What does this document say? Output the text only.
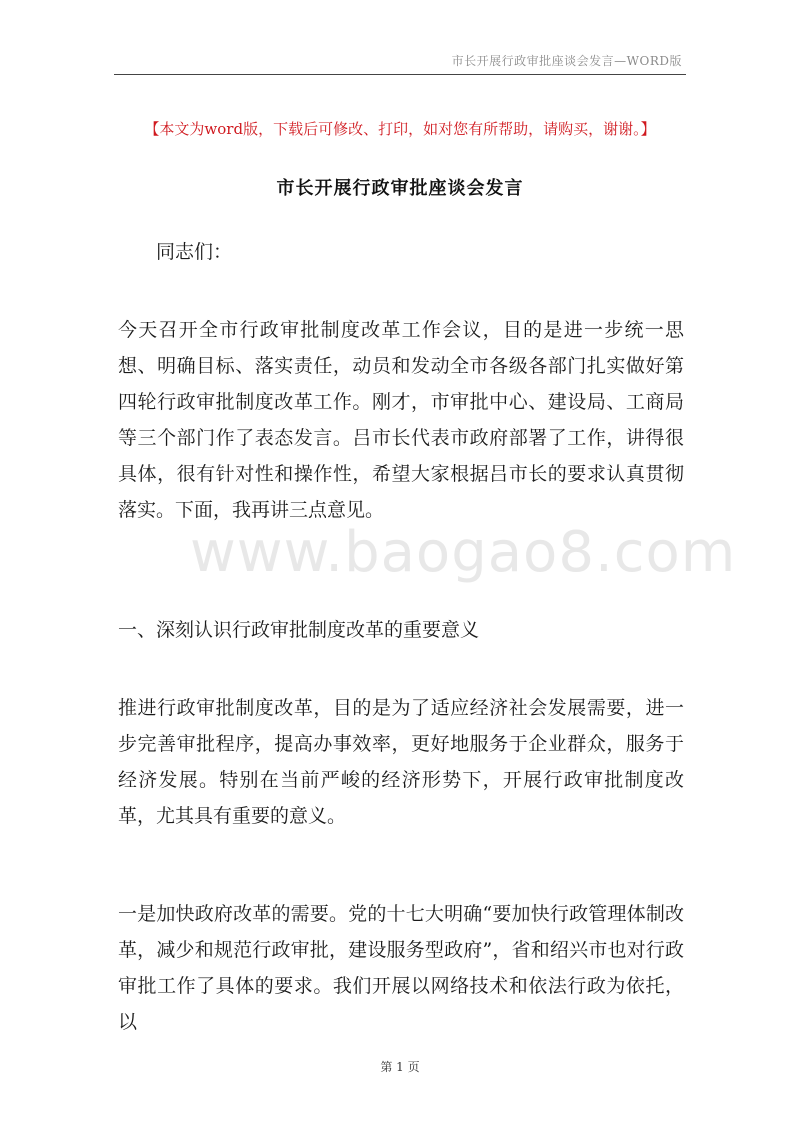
市长开展行政审批座谈会发言—WORD版
【本文为word版，下载后可修改、打印，如对您有所帮助，请购买，谢谢。】
市长开展行政审批座谈会发言

同志们：

今天召开全市行政审批制度改革工作会议，目的是进一步统一思想、明确目标、落实责任，动员和发动全市各级各部门扎实做好第四轮行政审批制度改革工作。刚才，市审批中心、建设局、工商局等三个部门作了表态发言。吕市长代表市政府部署了工作，讲得很具体，很有针对性和操作性，希望大家根据吕市长的要求认真贯彻落实。下面，我再讲三点意见。

一、深刻认识行政审批制度改革的重要意义

推进行政审批制度改革，目的是为了适应经济社会发展需要，进一步完善审批程序，提高办事效率，更好地服务于企业群众，服务于经济发展。特别在当前严峻的经济形势下，开展行政审批制度改革，尤其具有重要的意义。

一是加快政府改革的需要。党的十七大明确“要加快行政管理体制改革，减少和规范行政审批，建设服务型政府”，省和绍兴市也对行政审批工作了具体的要求。我们开展以网络技术和依法行政为依托，以

www.baogao8.com
第 1 页
